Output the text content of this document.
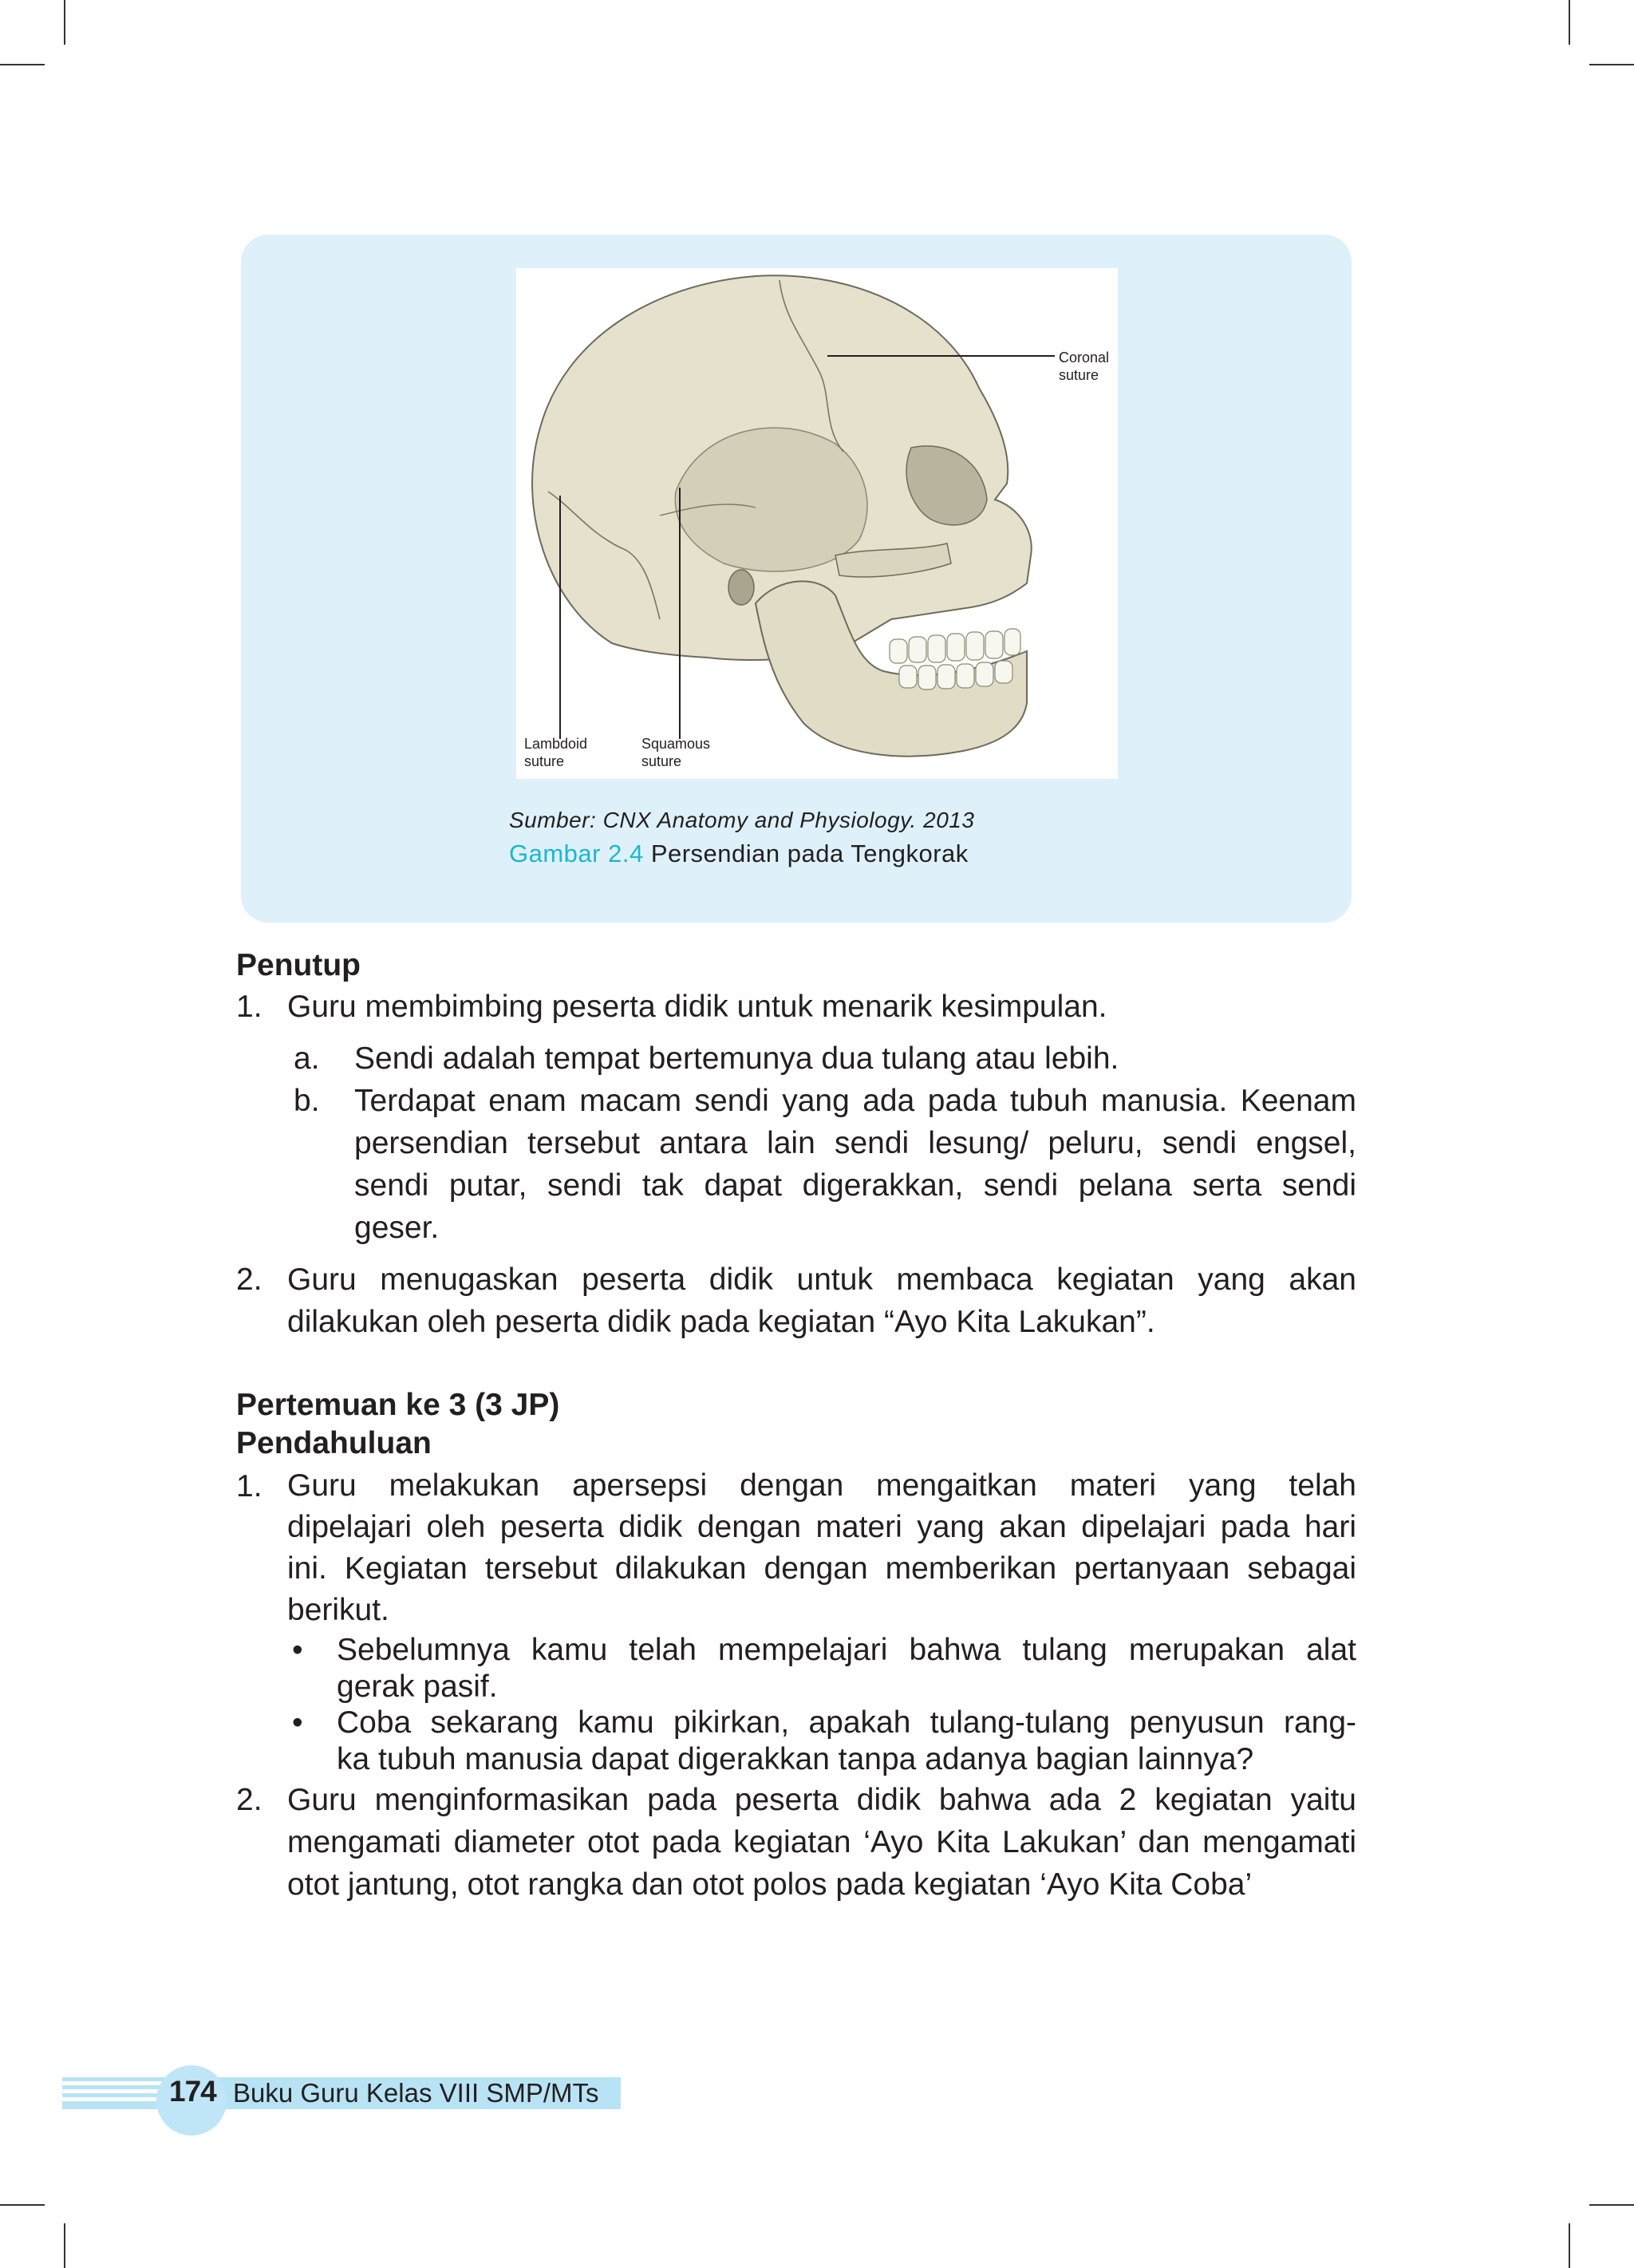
Coronal
suture
Lambdoid
suture
Squamous
suture
Sumber: CNX Anatomy and Physiology. 2013
Gambar 2.4 Persendian pada Tengkorak
Penutup
1. Guru membimbing peserta didik untuk menarik kesimpulan.
a. Sendi adalah tempat bertemunya dua tulang atau lebih.
b. Terdapat enam macam sendi yang ada pada tubuh manusia. Keenam
persendian tersebut antara lain sendi lesung/ peluru, sendi engsel,
sendi putar, sendi tak dapat digerakkan, sendi pelana serta sendi
geser.
2. Guru menugaskan peserta didik untuk membaca kegiatan yang akan
dilakukan oleh peserta didik pada kegiatan “Ayo Kita Lakukan”.
Pertemuan ke 3 (3 JP)
Pendahuluan
1. Guru melakukan apersepsi dengan mengaitkan materi yang telah
dipelajari oleh peserta didik dengan materi yang akan dipelajari pada hari
ini. Kegiatan tersebut dilakukan dengan memberikan pertanyaan sebagai
berikut.
• Sebelumnya kamu telah mempelajari bahwa tulang merupakan alat
gerak pasif.
• Coba sekarang kamu pikirkan, apakah tulang-tulang penyusun rang-
ka tubuh manusia dapat digerakkan tanpa adanya bagian lainnya?
2. Guru menginformasikan pada peserta didik bahwa ada 2 kegiatan yaitu
mengamati diameter otot pada kegiatan ‘Ayo Kita Lakukan’ dan mengamati
otot jantung, otot rangka dan otot polos pada kegiatan ‘Ayo Kita Coba’
174 Buku Guru Kelas VIII SMP/MTs
